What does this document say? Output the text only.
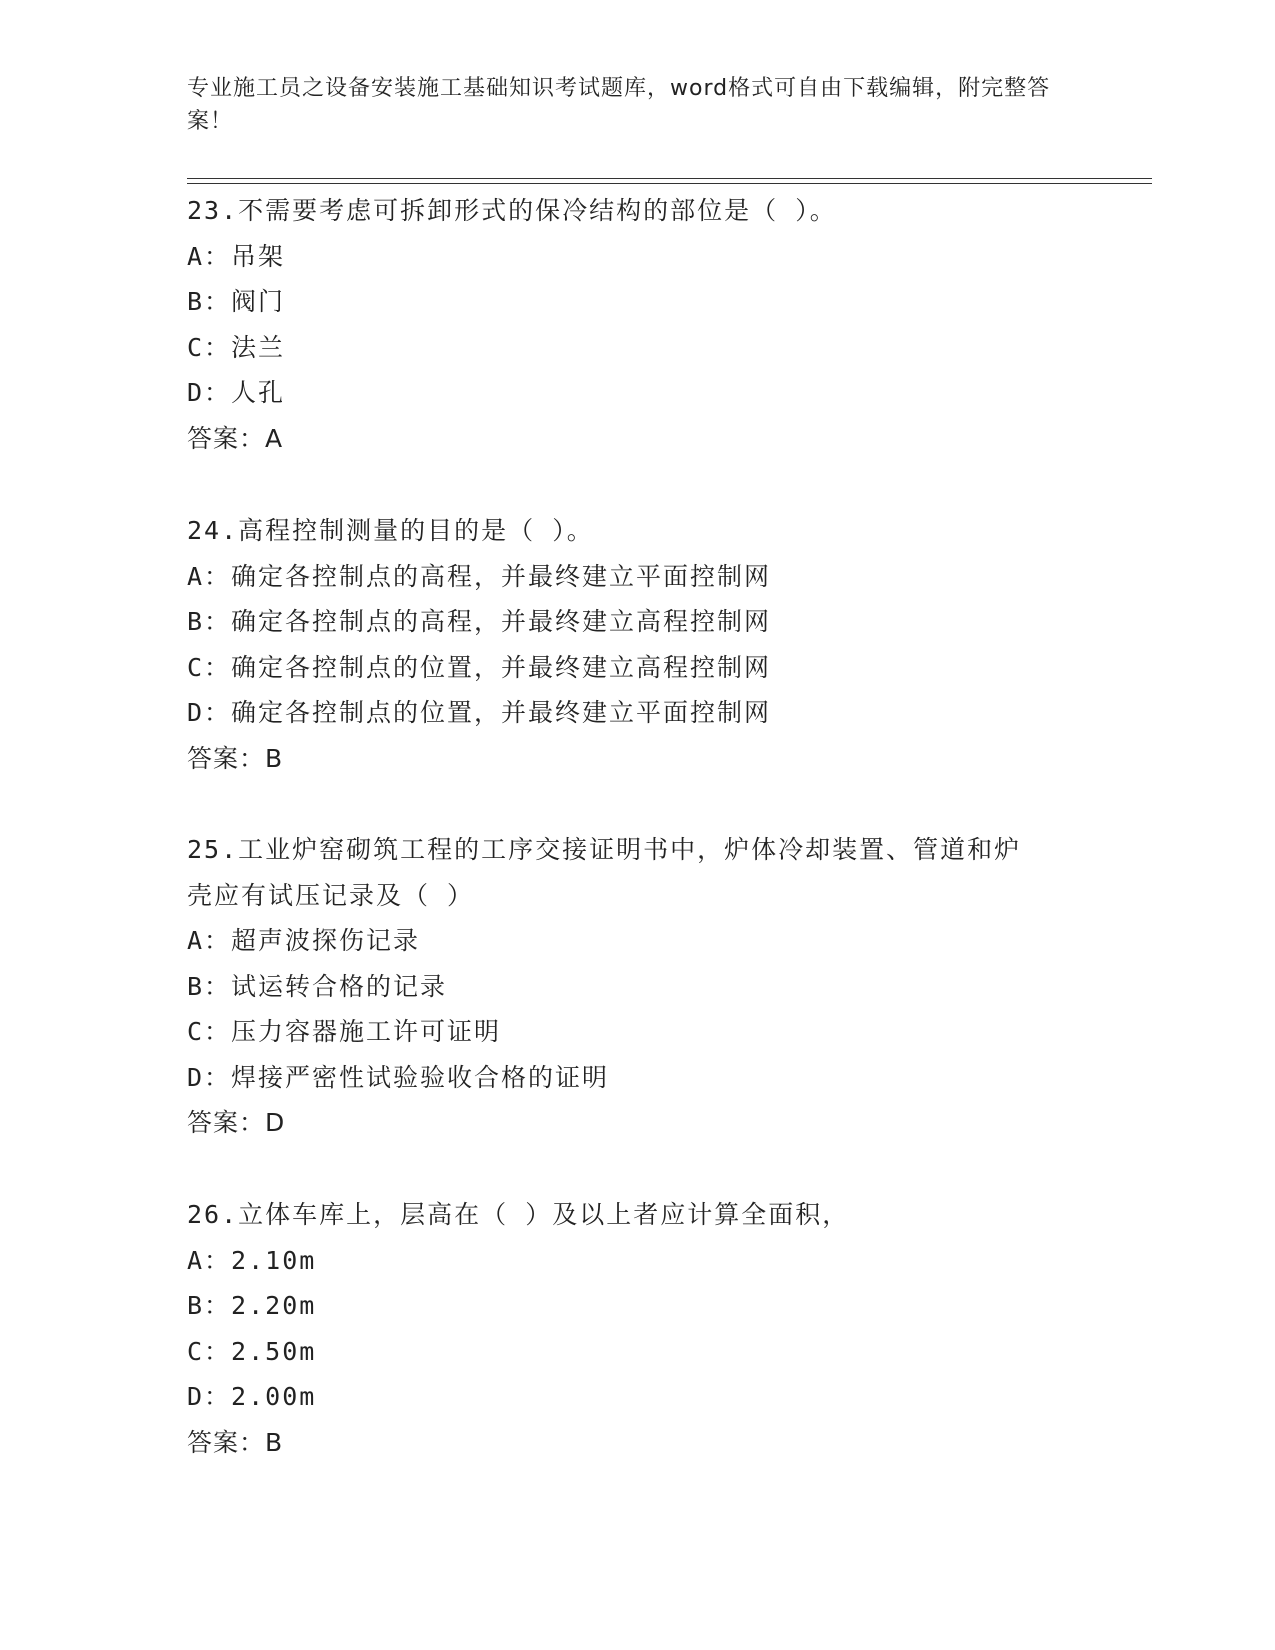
专业施工员之设备安装施工基础知识考试题库，word格式可自由下载编辑，附完整答案！
23.不需要考虑可拆卸形式的保冷结构的部位是（ ）。
A：吊架
B：阀门
C：法兰
D：人孔
答案：A
24.高程控制测量的目的是（ ）。
A：确定各控制点的高程，并最终建立平面控制网
B：确定各控制点的高程，并最终建立高程控制网
C：确定各控制点的位置，并最终建立高程控制网
D：确定各控制点的位置，并最终建立平面控制网
答案：B
25.工业炉窑砌筑工程的工序交接证明书中，炉体冷却装置、管道和炉
壳应有试压记录及（ ）
A：超声波探伤记录
B：试运转合格的记录
C：压力容器施工许可证明
D：焊接严密性试验验收合格的证明
答案：D
26.立体车库上，层高在（ ）及以上者应计算全面积，
A：2.10m
B：2.20m
C：2.50m
D：2.00m
答案：B
